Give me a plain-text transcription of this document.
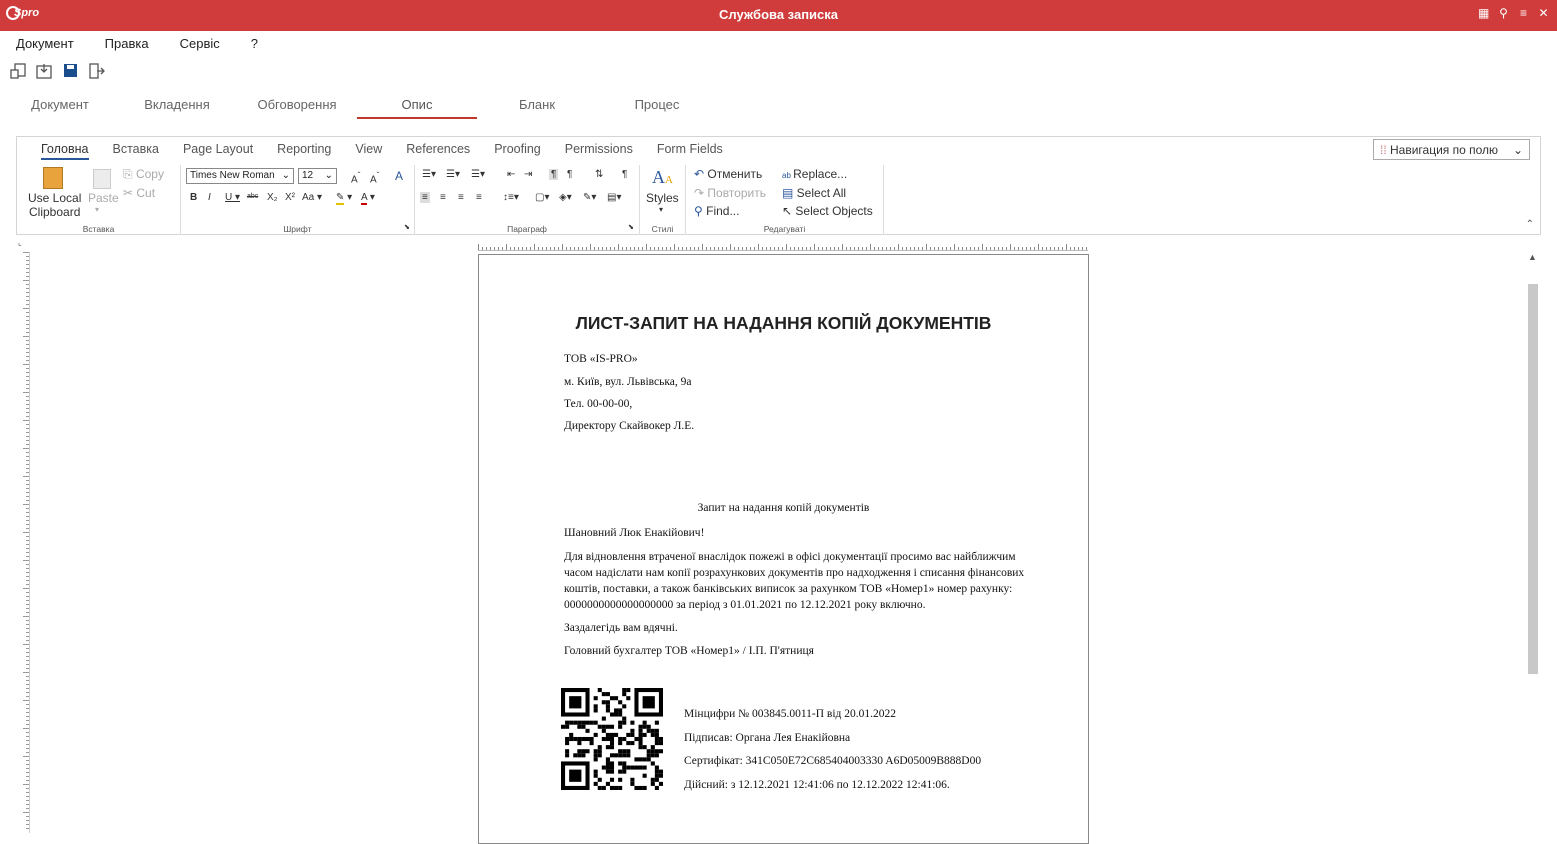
Spro	Службова записка	▦ ⚲ ≡ ✕
Документ Правка Сервіс ?
Документ	Вкладення	Обговорення	Опис	Бланк	Процес
Головна Вставка Page Layout Reporting View References Proofing Permissions Form Fields	⁞⁞ Навигация по полю ⌄
Use Local
Clipboard
Paste
▾
⎘ Copy
✂ Cut
Вставка
Times New Roman ⌄	12 ⌄ $A^ˆ$ $A^ˇ$ A
B I U ▾ abc X₂ X² Aa ▾ ✎ ▾ A ▾
⬊
Шрифт
☰▾ ☰▾ ☰▾ ⇤ ⇥ ¶ ¶ ⇅ ¶
≡ ≡ ≡ ≡ ↕≡▾ ▢▾ ◈▾ ✎▾ ▤▾
⬊
Параграф
AA
Styles
▾
Стилі
↶ Отменить
↷ Повторить
⚲ Find...
ab Replace...
▤ Select All
↖ Select Objects
Редагуваті	⌃
⌞
▲
ЛИСТ-ЗАПИТ НА НАДАННЯ КОПІЙ ДОКУМЕНТІВ
ТОВ «IS-PRO»
м. Київ, вул. Львівська, 9а
Тел. 00-00-00,
Директору Скайвокер Л.Е.
Запит на надання копій документів
Шановний Люк Енакійович!
Для відновлення втраченої внаслідок пожежі в офісі документації просимо вас найближчим
часом надіслати нам копії розрахункових документів про надходження і списання фінансових
коштів, поставки, а також банківських виписок за рахунком ТОВ «Номер1» номер рахунку:
0000000000000000000 за період з 01.01.2021 по 12.12.2021 року включно.
Заздалегідь вам вдячні.
Головний бухгалтер ТОВ «Номер1» / І.П. П'ятниця
Мінцифри № 003845.0011-П від 20.01.2022
Підписав: Органа Лея Енакійовна
Сертифікат: 341C050E72C685404003330 A6D05009B888D00
Дійсний: з 12.12.2021 12:41:06 по 12.12.2022 12:41:06.
